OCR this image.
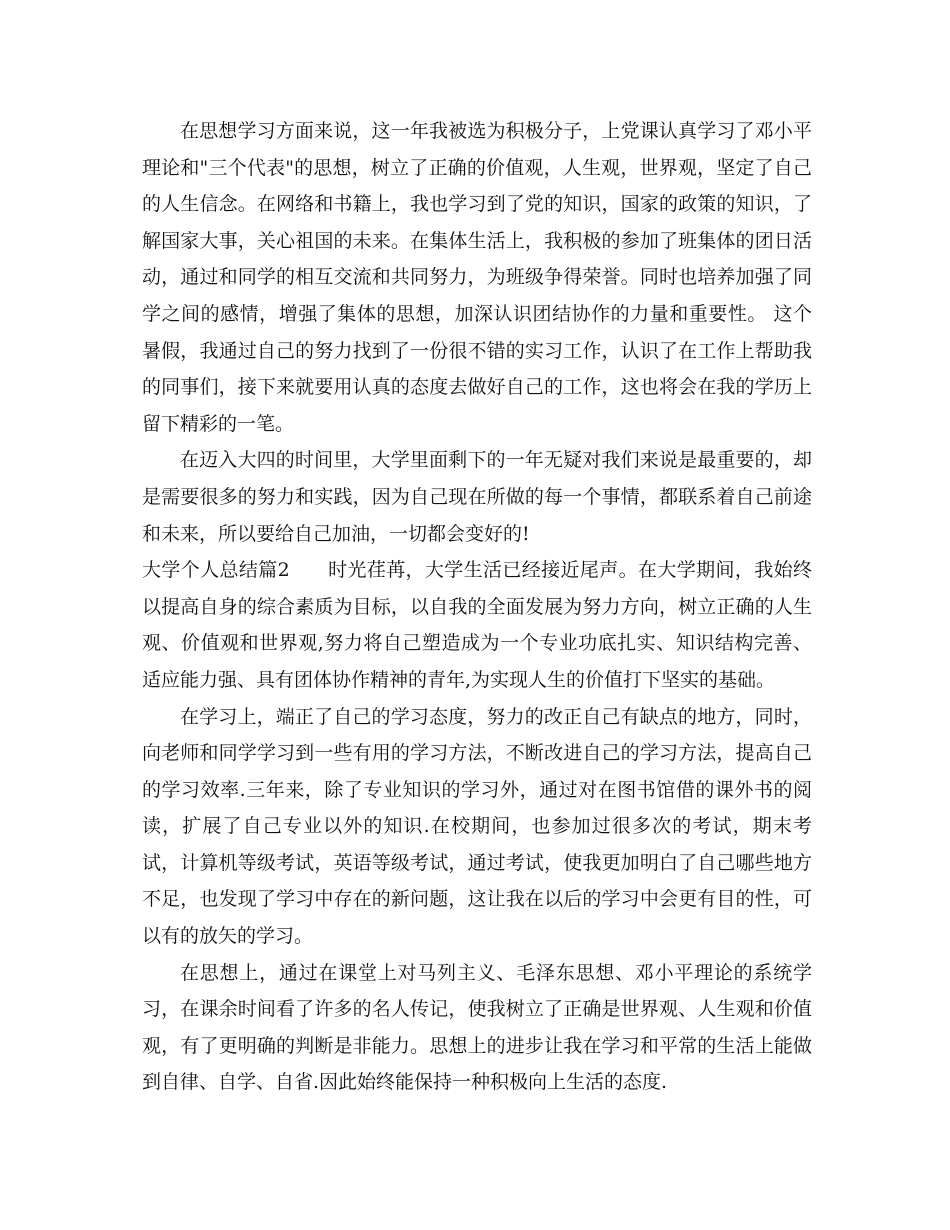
在思想学习方面来说，这一年我被选为积极分子，上党课认真学习了邓小平理论和"三个代表"的思想，树立了正确的价值观，人生观，世界观，坚定了自己的人生信念。在网络和书籍上，我也学习到了党的知识，国家的政策的知识，了解国家大事，关心祖国的未来。在集体生活上，我积极的参加了班集体的团日活动，通过和同学的相互交流和共同努力，为班级争得荣誉。同时也培养加强了同学之间的感情，增强了集体的思想，加深认识团结协作的力量和重要性。 这个暑假，我通过自己的努力找到了一份很不错的实习工作，认识了在工作上帮助我的同事们，接下来就要用认真的态度去做好自己的工作，这也将会在我的学历上留下精彩的一笔。

在迈入大四的时间里，大学里面剩下的一年无疑对我们来说是最重要的，却是需要很多的努力和实践，因为自己现在所做的每一个事情，都联系着自己前途和未来，所以要给自己加油，一切都会变好的!

大学个人总结篇2 时光荏苒，大学生活已经接近尾声。在大学期间，我始终以提高自身的综合素质为目标，以自我的全面发展为努力方向，树立正确的人生观、价值观和世界观,努力将自己塑造成为一个专业功底扎实、知识结构完善、适应能力强、具有团体协作精神的青年,为实现人生的价值打下坚实的基础。

在学习上，端正了自己的学习态度，努力的改正自己有缺点的地方，同时，向老师和同学学习到一些有用的学习方法，不断改进自己的学习方法，提高自己的学习效率.三年来，除了专业知识的学习外，通过对在图书馆借的课外书的阅读，扩展了自己专业以外的知识.在校期间，也参加过很多次的考试，期末考试，计算机等级考试，英语等级考试，通过考试，使我更加明白了自己哪些地方不足，也发现了学习中存在的新问题，这让我在以后的学习中会更有目的性，可以有的放矢的学习。

在思想上，通过在课堂上对马列主义、毛泽东思想、邓小平理论的系统学习，在课余时间看了许多的名人传记，使我树立了正确是世界观、人生观和价值观，有了更明确的判断是非能力。思想上的进步让我在学习和平常的生活上能做到自律、自学、自省.因此始终能保持一种积极向上生活的态度.
